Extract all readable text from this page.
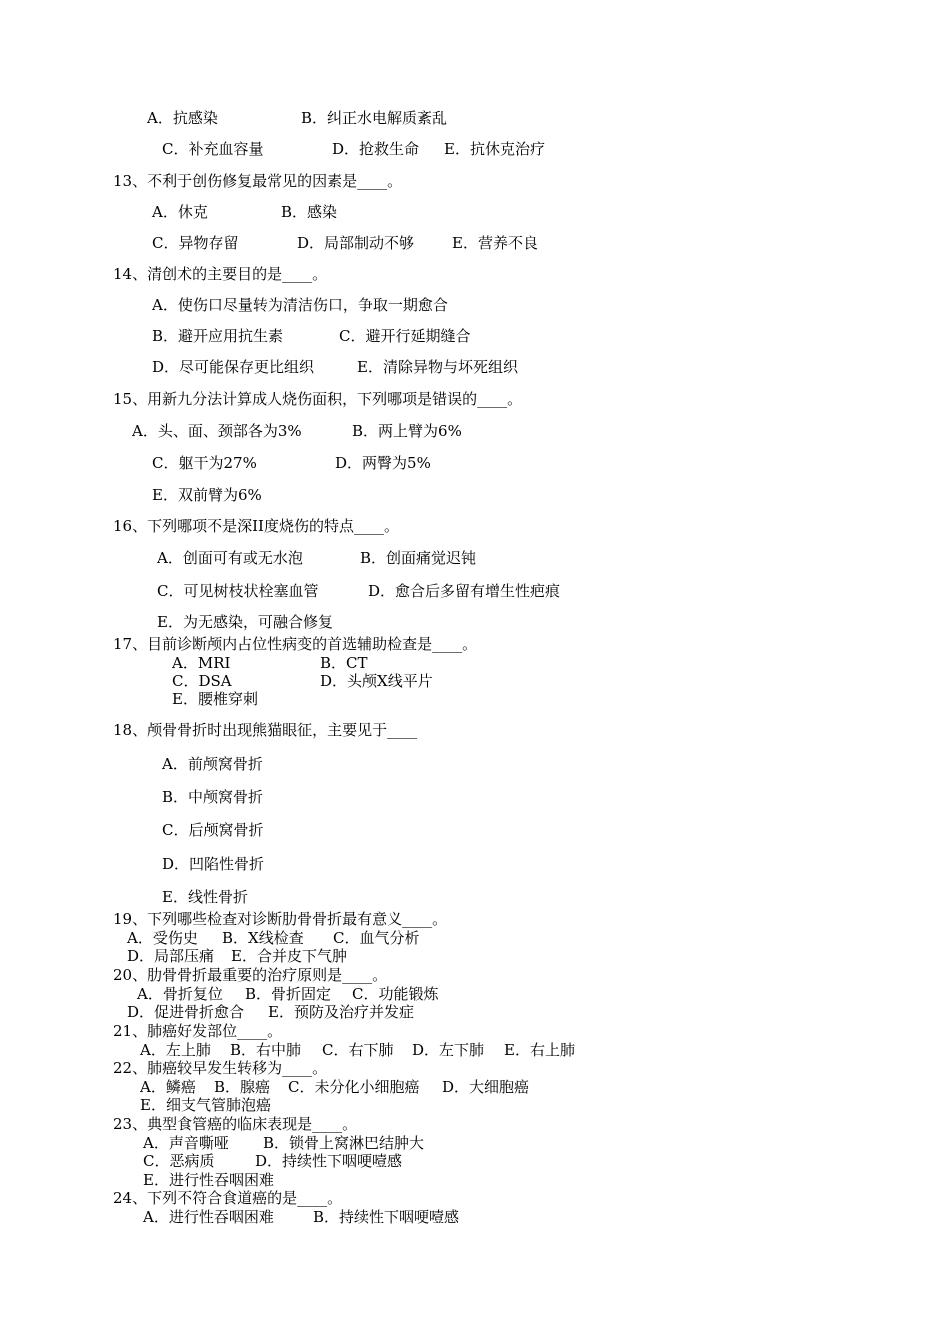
A．抗感染	B．纠正水电解质紊乱
C．补充血容量	D．抢救生命 E．抗休克治疗
13、不利于创伤修复最常见的因素是____。
A．休克	B．感染
C．异物存留	D．局部制动不够	E．营养不良
14、清创术的主要目的是____。
A．使伤口尽量转为清洁伤口，争取一期愈合
B．避开应用抗生素	C．避开行延期缝合
D．尽可能保存更比组织	E．清除异物与坏死组织
15、用新九分法计算成人烧伤面积，下列哪项是错误的____。
A．头、面、颈部各为3%	B．两上臂为6%
C．躯干为27%	D．两臀为5%
E．双前臂为6%
16、下列哪项不是深II度烧伤的特点____。
A．创面可有或无水泡	B．创面痛觉迟钝
C．可见树枝状栓塞血管	D．愈合后多留有增生性疤痕
E．为无感染，可融合修复
17、目前诊断颅内占位性病变的首选辅助检查是____。
A．MRI	B．CT
C．DSA	D．头颅X线平片
E．腰椎穿刺
18、颅骨骨折时出现熊猫眼征，主要见于____
A．前颅窝骨折
B．中颅窝骨折
C．后颅窝骨折
D．凹陷性骨折
E．线性骨折
19、下列哪些检查对诊断肋骨骨折最有意义____。
A．受伤史 B．X线检查 C．血气分析
D．局部压痛 E．合并皮下气肿
20、肋骨骨折最重要的治疗原则是____。
A．骨折复位 B．骨折固定 C．功能锻炼
D．促进骨折愈合 E．预防及治疗并发症
21、肺癌好发部位____。
A．左上肺 B．右中肺 C．右下肺 D．左下肺 E．右上肺
22、肺癌较早发生转移为____。
A．鳞癌 B．腺癌 C．未分化小细胞癌 D．大细胞癌
E．细支气管肺泡癌
23、典型食管癌的临床表现是____。
A．声音嘶哑 B．锁骨上窝淋巴结肿大
C．恶病质	D．持续性下咽哽噎感
E．进行性吞咽困难
24、下列不符合食道癌的是____。
A．进行性吞咽困难	B．持续性下咽哽噎感
